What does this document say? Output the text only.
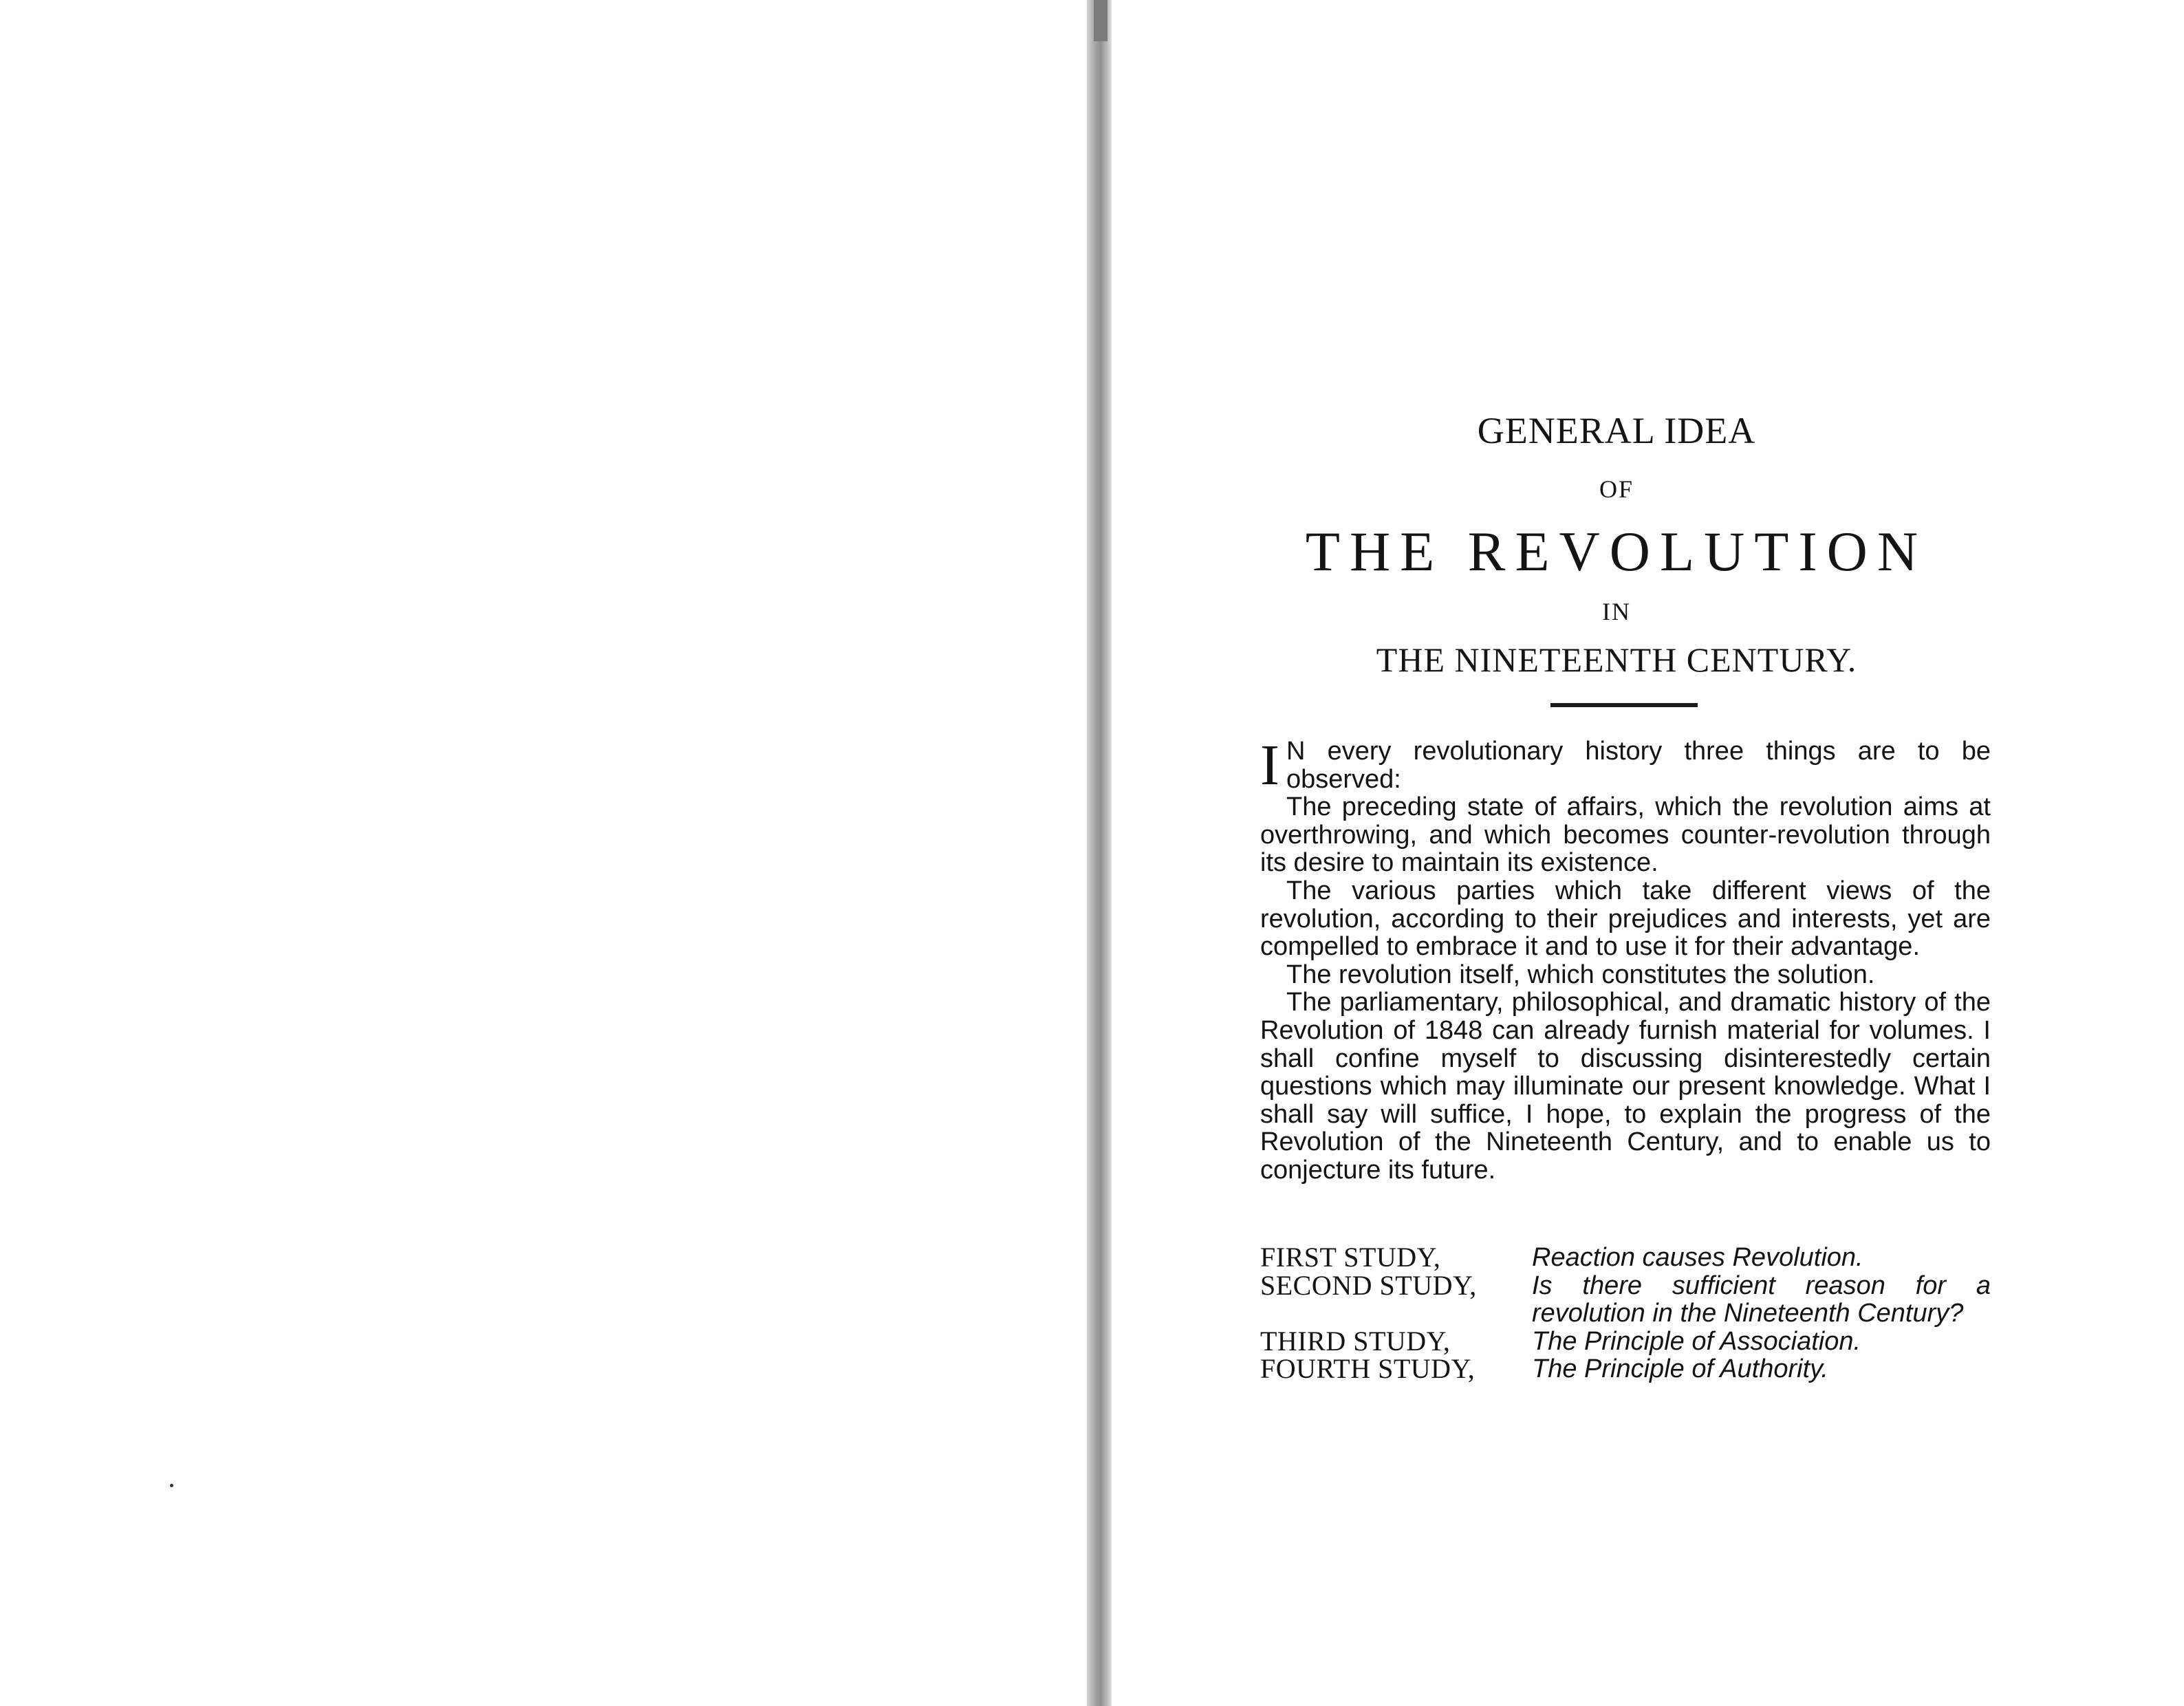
GENERAL IDEA
OF
THE REVOLUTION
IN
THE NINETEENTH CENTURY.

I N every revolutionary history three things are to be observed:

The preceding state of affairs, which the revolution aims at overthrowing, and which becomes counter-revolution through its desire to maintain its existence.

The various parties which take different views of the revolution, according to their prejudices and interests, yet are compelled to embrace it and to use it for their advantage.

The revolution itself, which constitutes the solution.

The parliamentary, philosophical, and dramatic history of the Revolution of 1848 can already furnish material for volumes. I shall confine myself to discussing disinterestedly certain questions which may illuminate our present knowledge. What I shall say will suffice, I hope, to explain the progress of the Revolution of the Nineteenth Century, and to enable us to conjecture its future.

FIRST STUDY,	Reaction causes Revolution.
SECOND STUDY,	Is there sufficient reason for a revolution in the Nineteenth Century?
THIRD STUDY,	The Principle of Association.
FOURTH STUDY,	The Principle of Authority.
